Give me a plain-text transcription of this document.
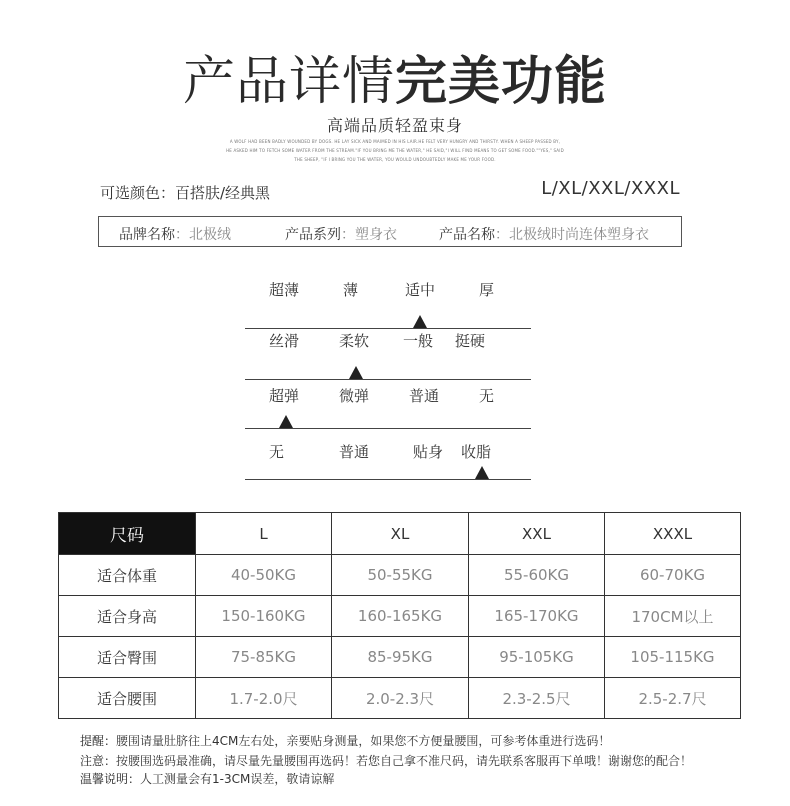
产品详情完美功能
高端品质轻盈束身
A WOLF HAD BEEN BADLY WOUNDED BY DOGS. HE LAY SICK AND MAIMED IN HIS LAIR.HE FELT VERY HUNGRY AND THIRSTY. WHEN A SHEEP PASSED BY,
HE ASKED HIM TO FETCH SOME WATER FROM THE STREAM."IF YOU BRING ME THE WATER," HE SAID,"I WILL FIND MEANS TO GET SOME FOOD.""YES," SAID
THE SHEEP, "IF I BRING YOU THE WATER, YOU WOULD UNDOUBTEDLY MAKE ME YOUR FOOD.
可选颜色：百搭肤/经典黑	L/XL/XXL/XXXL
品牌名称：北极绒	产品系列：塑身衣	产品名称：北极绒时尚连体塑身衣
超薄	薄	适中	厚
丝滑	柔软 一般 挺硬
超弹	微弹	普通	无
无	普通	贴身 收脂
尺码	L	XL	XXL	XXXL
适合体重	40-50KG	50-55KG	55-60KG	60-70KG
适合身高	150-160KG	160-165KG	165-170KG	170CM以上
适合臀围	75-85KG	85-95KG	95-105KG	105-115KG
适合腰围	1.7-2.0尺	2.0-2.3尺	2.3-2.5尺	2.5-2.7尺
提醒：腰围请量肚脐往上4CM左右处，亲要贴身测量，如果您不方便量腰围，可参考体重进行选码！
注意：按腰围选码最准确，请尽量先量腰围再选码！若您自己拿不准尺码，请先联系客服再下单哦！谢谢您的配合！
温馨说明：人工测量会有1-3CM误差，敬请谅解
